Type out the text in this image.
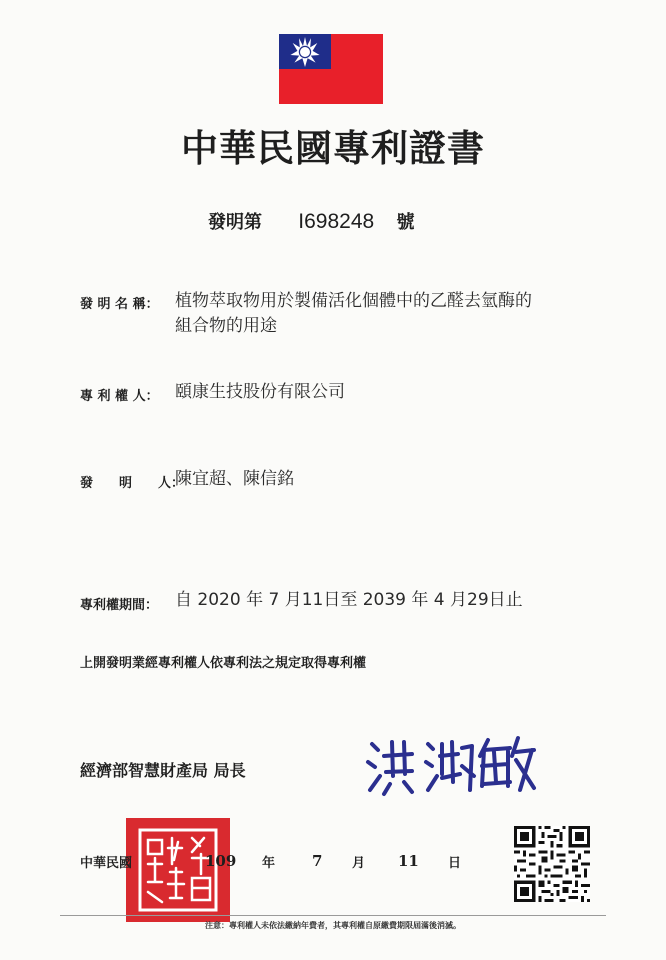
中華民國專利證書
發明第 I698248 號
發 明 名 稱： 植物萃取物用於製備活化個體中的乙醛去氫酶的
組合物的用途
專 利 權 人： 頤康生技股份有限公司
發　　明　　人：
陳宜超、陳信銘
專利權期間： 自 2020 年 7 月11日至 2039 年 4 月29日止
上開發明業經專利權人依專利法之規定取得專利權
經濟部智慧財產局 局長
中華民國	109 年 7 月 11 日
注意：專利權人未依法繳納年費者，其專利權自原繳費期限屆滿後消滅。
